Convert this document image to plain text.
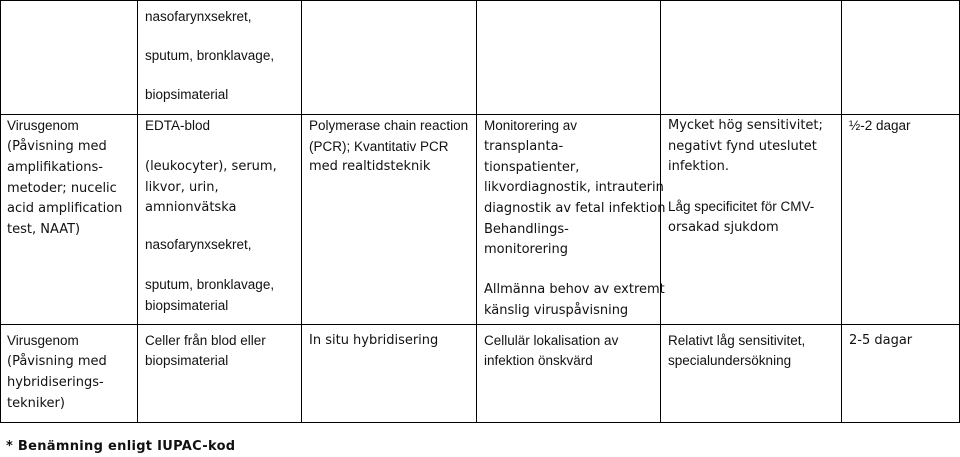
nasofarynxsekret,
sputum, bronklavage,
biopsimaterial
Virusgenom
(Påvisning med
amplifikations-
metoder; nucelic
acid amplification
test, NAAT)
EDTA-blod
(leukocyter), serum,
likvor, urin,
amnionvätska
nasofarynxsekret,
sputum, bronklavage,
biopsimaterial
Polymerase chain reaction
(PCR); Kvantitativ PCR
med realtidsteknik
Monitorering av
transplanta-
tionspatienter,
likvordiagnostik, intrauterin
diagnostik av fetal infektion
Behandlings-
monitorering
Allmänna behov av extremt
känslig viruspåvisning
Mycket hög sensitivitet;
negativt fynd uteslutet
infektion.
Låg specificitet för CMV-
orsakad sjukdom
½-2 dagar
Virusgenom
(Påvisning med
hybridiserings-
tekniker)
Celler från blod eller
biopsimaterial
In situ hybridisering	Cellulär lokalisation av
infektion önskvärd
Relativt låg sensitivitet,
specialundersökning
2-5 dagar
* Benämning enligt IUPAC-kod
